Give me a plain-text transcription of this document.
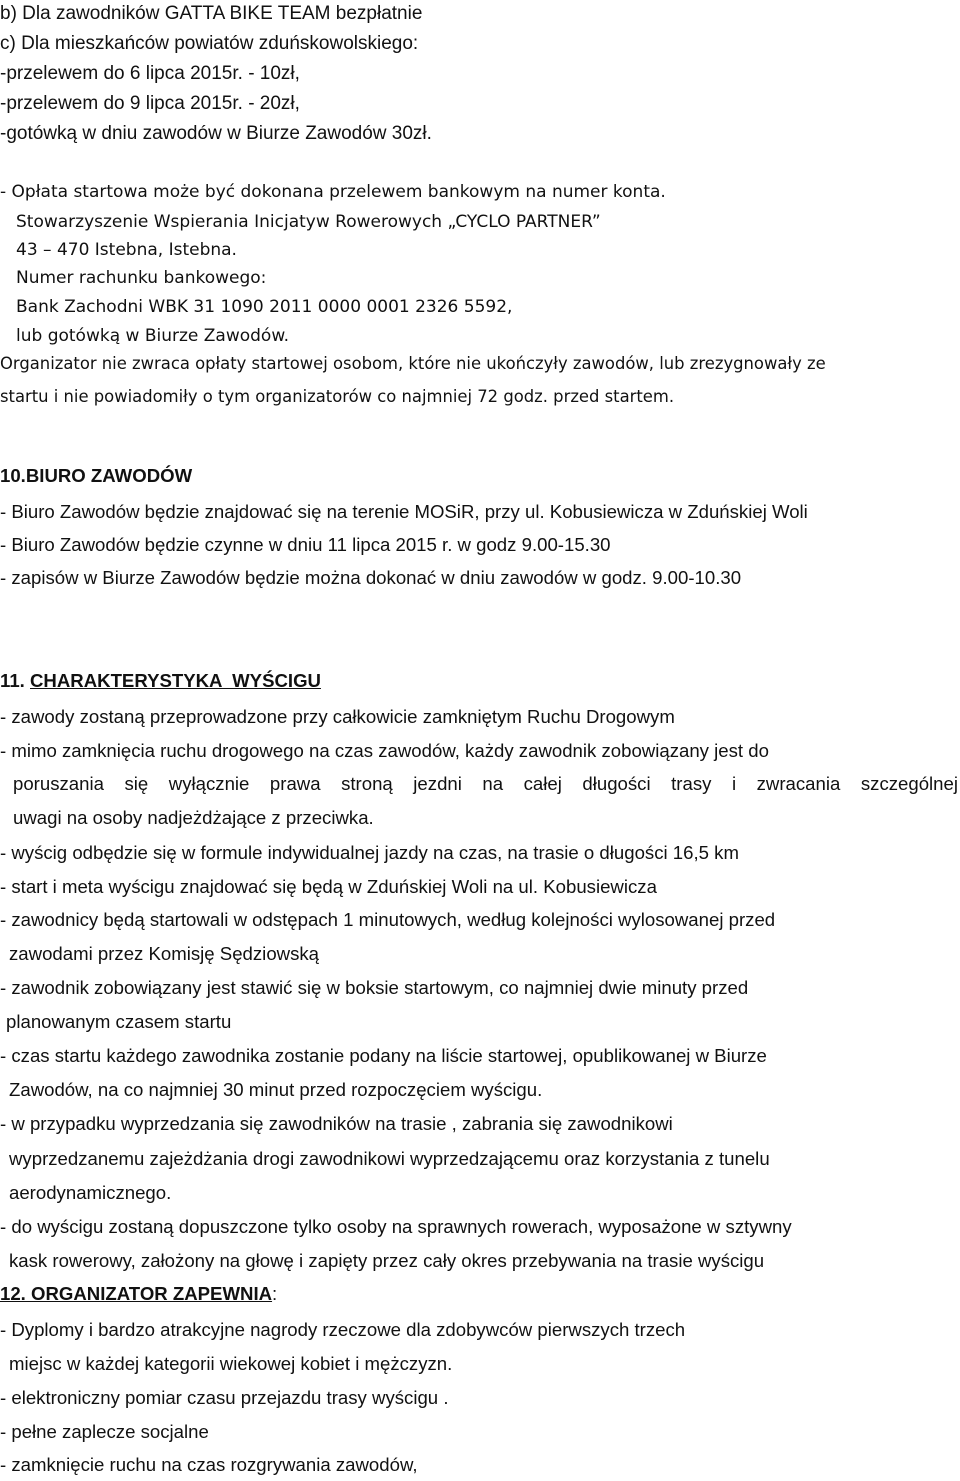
b) Dla zawodników GATTA BIKE TEAM bezpłatnie

c) Dla mieszkańców powiatów zduńskowolskiego:

-przelewem do 6 lipca 2015r. - 10zł,

-przelewem do 9 lipca 2015r. - 20zł,

-gotówką w dniu zawodów w Biurze Zawodów 30zł.

- Opłata startowa może być dokonana przelewem bankowym na numer konta.

Stowarzyszenie Wspierania Inicjatyw Rowerowych „CYCLO PARTNER”

43 – 470 Istebna, Istebna.

Numer rachunku bankowego:

Bank Zachodni WBK 31 1090 2011 0000 0001 2326 5592,

lub gotówką w Biurze Zawodów.

Organizator nie zwraca opłaty startowej osobom, które nie ukończyły zawodów, lub zrezygnowały ze

startu i nie powiadomiły o tym organizatorów co najmniej 72 godz. przed startem.

10.BIURO ZAWODÓW

- Biuro Zawodów będzie znajdować się na terenie MOSiR, przy ul. Kobusiewicza w Zduńskiej Woli

- Biuro Zawodów będzie czynne w dniu 11 lipca 2015 r. w godz 9.00-15.30

- zapisów w Biurze Zawodów będzie można dokonać w dniu zawodów w godz. 9.00-10.30

11. CHARAKTERYSTYKA  WYŚCIGU

- zawody zostaną przeprowadzone przy całkowicie zamkniętym Ruchu Drogowym

- mimo zamknięcia ruchu drogowego na czas zawodów, każdy zawodnik zobowiązany jest do

poruszania się wyłącznie prawa stroną jezdni na całej długości trasy i zwracania szczególnej

uwagi na osoby nadjeżdżające z przeciwka.

- wyścig odbędzie się w formule indywidualnej jazdy na czas, na trasie o długości 16,5 km

- start i meta wyścigu znajdować się będą w Zduńskiej Woli na ul. Kobusiewicza

- zawodnicy będą startowali w odstępach 1 minutowych, według kolejności wylosowanej przed

zawodami przez Komisję Sędziowską

- zawodnik zobowiązany jest stawić się w boksie startowym, co najmniej dwie minuty przed

planowanym czasem startu

- czas startu każdego zawodnika zostanie podany na liście startowej, opublikowanej w Biurze

Zawodów, na co najmniej 30 minut przed rozpoczęciem wyścigu.

- w przypadku wyprzedzania się zawodników na trasie , zabrania się zawodnikowi

wyprzedzanemu zajeżdżania drogi zawodnikowi wyprzedzającemu oraz korzystania z tunelu

aerodynamicznego.

- do wyścigu zostaną dopuszczone tylko osoby na sprawnych rowerach, wyposażone w sztywny

kask rowerowy, założony na głowę i zapięty przez cały okres przebywania na trasie wyścigu

12. ORGANIZATOR ZAPEWNIA:

- Dyplomy i bardzo atrakcyjne nagrody rzeczowe dla zdobywców pierwszych trzech

miejsc w każdej kategorii wiekowej kobiet i mężczyzn.

- elektroniczny pomiar czasu przejazdu trasy wyścigu .

- pełne zaplecze socjalne

- zamknięcie ruchu na czas rozgrywania zawodów,
